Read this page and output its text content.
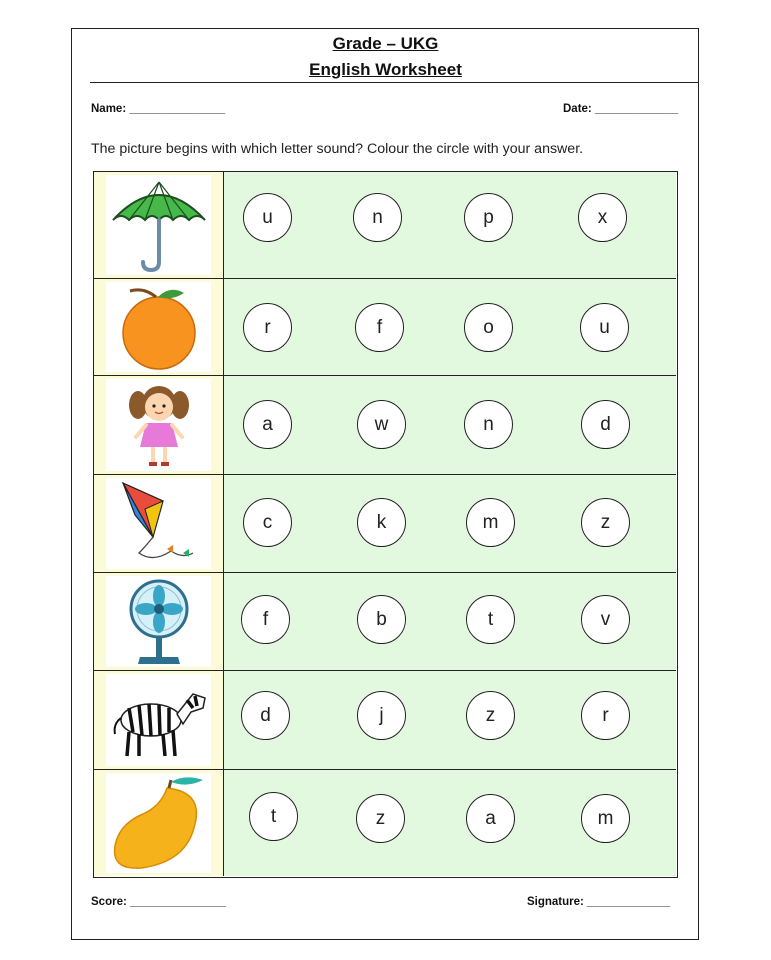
Grade – UKG
English Worksheet
Name: _______________	Date: _____________
The picture begins with which letter sound? Colour the circle with your answer.
u	n	p	x
r	f	o	u
a	w	n	d
c	k	m	z
f	b	t	v
d	j	z	r
t	z	a	m
Score: _______________	Signature: _____________
